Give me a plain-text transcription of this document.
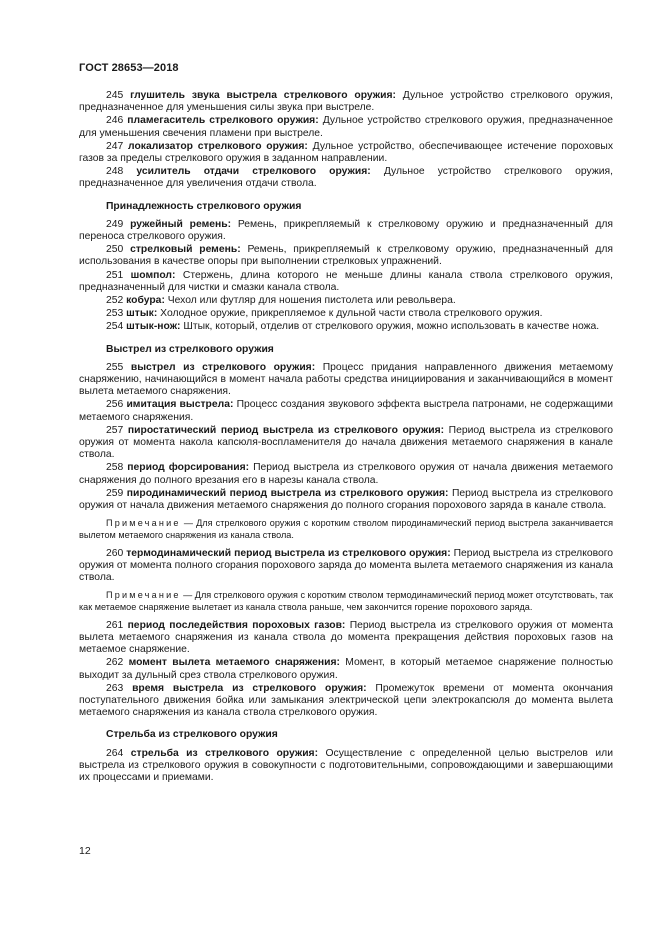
ГОСТ 28653—2018

245 глушитель звука выстрела стрелкового оружия: Дульное устройство стрелкового оружия, предназначенное для уменьшения силы звука при выстреле.

246 пламегаситель стрелкового оружия: Дульное устройство стрелкового оружия, предназначенное для уменьшения свечения пламени при выстреле.

247 локализатор стрелкового оружия: Дульное устройство, обеспечивающее истечение пороховых газов за пределы стрелкового оружия в заданном направлении.

248 усилитель отдачи стрелкового оружия: Дульное устройство стрелкового оружия, предназначенное для увеличения отдачи ствола.

Принадлежность стрелкового оружия

249 ружейный ремень: Ремень, прикрепляемый к стрелковому оружию и предназначенный для переноса стрелкового оружия.

250 стрелковый ремень: Ремень, прикрепляемый к стрелковому оружию, предназначенный для использования в качестве опоры при выполнении стрелковых упражнений.

251 шомпол: Стержень, длина которого не меньше длины канала ствола стрелкового оружия, предназначенный для чистки и смазки канала ствола.

252 кобура: Чехол или футляр для ношения пистолета или револьвера.

253 штык: Холодное оружие, прикрепляемое к дульной части ствола стрелкового оружия.

254 штык-нож: Штык, который, отделив от стрелкового оружия, можно использовать в качестве ножа.

Выстрел из стрелкового оружия

255 выстрел из стрелкового оружия: Процесс придания направленного движения метаемому снаряжению, начинающийся в момент начала работы средства инициирования и заканчивающийся в момент вылета метаемого снаряжения.

256 имитация выстрела: Процесс создания звукового эффекта выстрела патронами, не содержащими метаемого снаряжения.

257 пиростатический период выстрела из стрелкового оружия: Период выстрела из стрелкового оружия от момента накола капсюля-воспламенителя до начала движения метаемого снаряжения в канале ствола.

258 период форсирования: Период выстрела из стрелкового оружия от начала движения метаемого снаряжения до полного врезания его в нарезы канала ствола.

259 пиродинамический период выстрела из стрелкового оружия: Период выстрела из стрелкового оружия от начала движения метаемого снаряжения до полного сгорания порохового заряда в канале ствола.

Примечание — Для стрелкового оружия с коротким стволом пиродинамический период выстрела заканчивается вылетом метаемого снаряжения из канала ствола.

260 термодинамический период выстрела из стрелкового оружия: Период выстрела из стрелкового оружия от момента полного сгорания порохового заряда до момента вылета метаемого снаряжения из канала ствола.

Примечание — Для стрелкового оружия с коротким стволом термодинамический период может отсутствовать, так как метаемое снаряжение вылетает из канала ствола раньше, чем закончится горение порохового заряда.

261 период последействия пороховых газов: Период выстрела из стрелкового оружия от момента вылета метаемого снаряжения из канала ствола до момента прекращения действия пороховых газов на метаемое снаряжение.

262 момент вылета метаемого снаряжения: Момент, в который метаемое снаряжение полностью выходит за дульный срез ствола стрелкового оружия.

263 время выстрела из стрелкового оружия: Промежуток времени от момента окончания поступательного движения бойка или замыкания электрической цепи электрокапсюля до момента вылета метаемого снаряжения из канала ствола стрелкового оружия.

Стрельба из стрелкового оружия

264 стрельба из стрелкового оружия: Осуществление с определенной целью выстрелов или выстрела из стрелкового оружия в совокупности с подготовительными, сопровождающими и завершающими их процессами и приемами.

12
